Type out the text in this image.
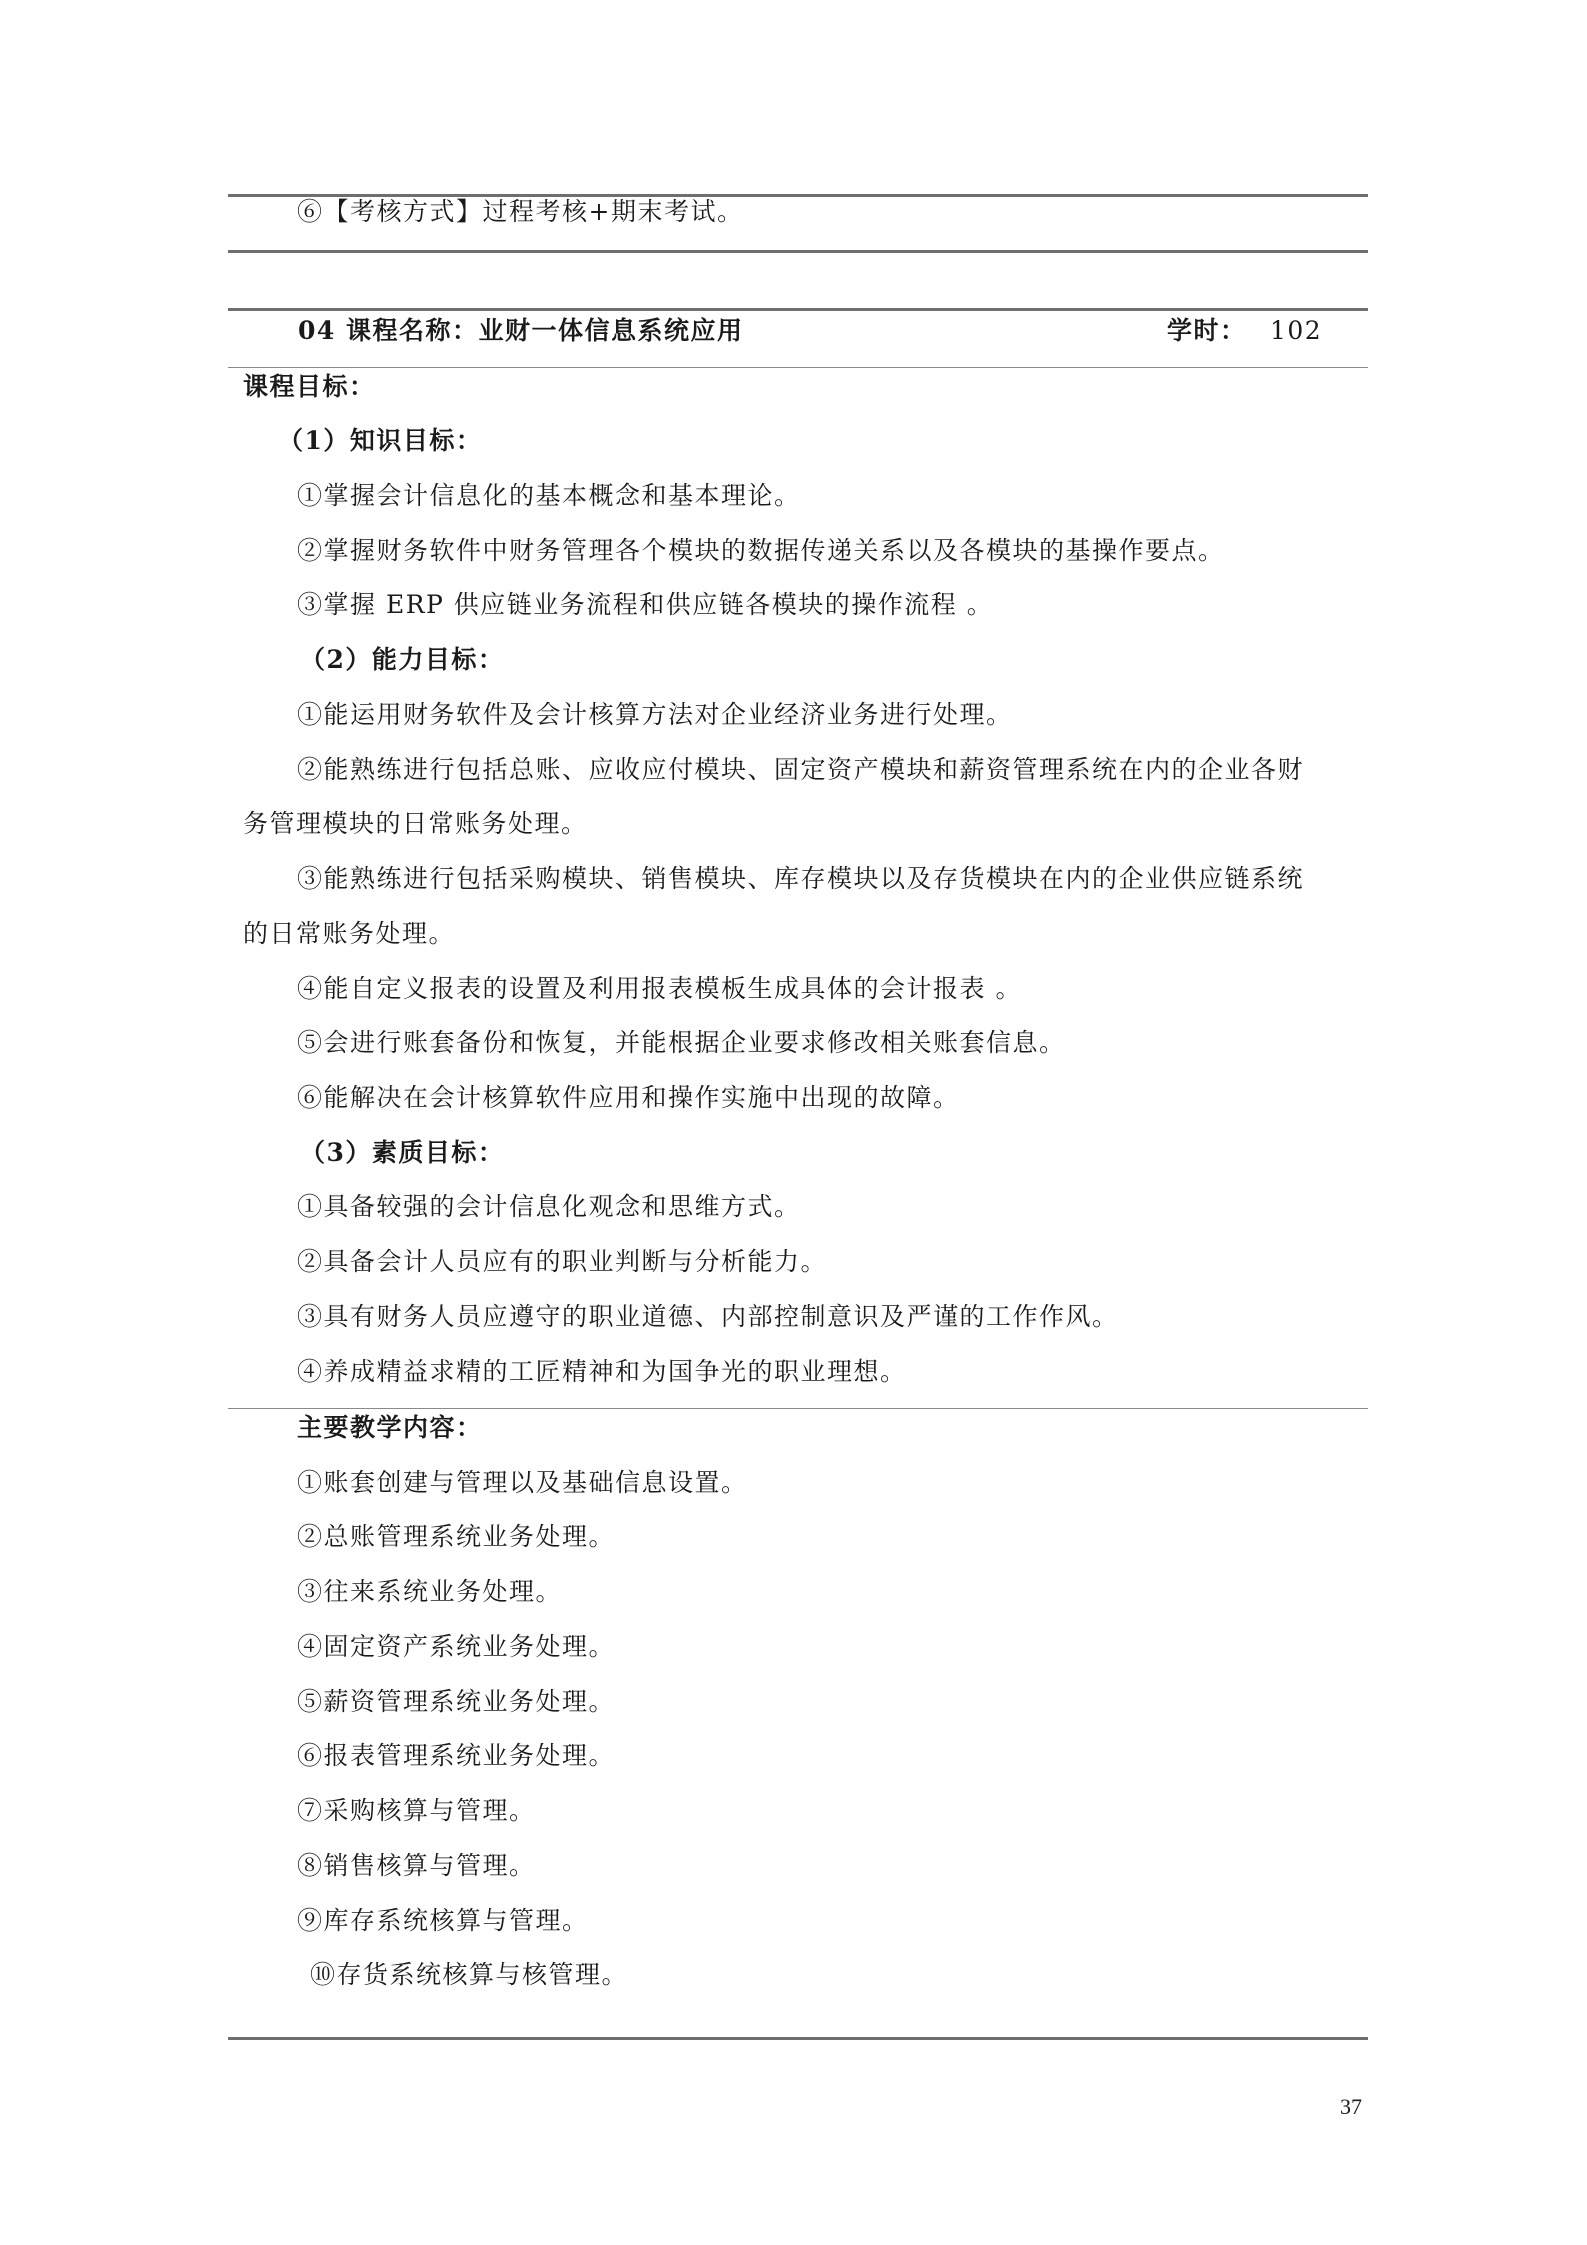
⑥【考核方式】过程考核+期末考试。
04 课程名称：业财一体信息系统应用	学时： 102
课程目标：
（1）知识目标：
①掌握会计信息化的基本概念和基本理论。
②掌握财务软件中财务管理各个模块的数据传递关系以及各模块的基操作要点。
③掌握 ERP 供应链业务流程和供应链各模块的操作流程 。
（2）能力目标：
①能运用财务软件及会计核算方法对企业经济业务进行处理。
②能熟练进行包括总账、应收应付模块、固定资产模块和薪资管理系统在内的企业各财
务管理模块的日常账务处理。
③能熟练进行包括采购模块、销售模块、库存模块以及存货模块在内的企业供应链系统
的日常账务处理。
④能自定义报表的设置及利用报表模板生成具体的会计报表 。
⑤会进行账套备份和恢复，并能根据企业要求修改相关账套信息。
⑥能解决在会计核算软件应用和操作实施中出现的故障。
（3）素质目标：
①具备较强的会计信息化观念和思维方式。
②具备会计人员应有的职业判断与分析能力。
③具有财务人员应遵守的职业道德、内部控制意识及严谨的工作作风。
④养成精益求精的工匠精神和为国争光的职业理想。
主要教学内容：
①账套创建与管理以及基础信息设置。
②总账管理系统业务处理。
③往来系统业务处理。
④固定资产系统业务处理。
⑤薪资管理系统业务处理。
⑥报表管理系统业务处理。
⑦采购核算与管理。
⑧销售核算与管理。
⑨库存系统核算与管理。
⑩存货系统核算与核管理。
37
